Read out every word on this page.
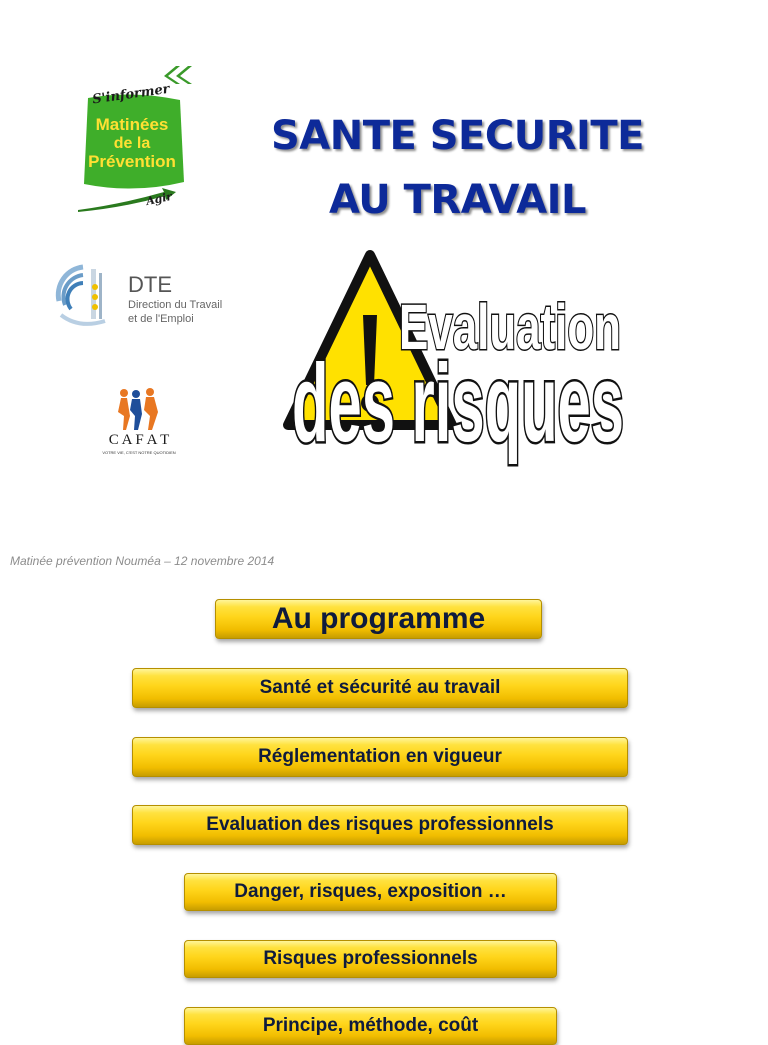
S'informer
Matinées
de la
Prévention
Agir
DTE
Direction du Travail
et de l'Emploi
C A F A T
VOTRE VIE, C'EST NOTRE QUOTIDIEN
SANTE SECURITE
AU TRAVAIL
Evaluation
des risques
Matinée prévention Nouméa – 12 novembre 2014
Au programme
Santé et sécurité au travail
Réglementation en vigueur
Evaluation des risques professionnels
Danger, risques, exposition …
Risques professionnels
Principe, méthode, coût
